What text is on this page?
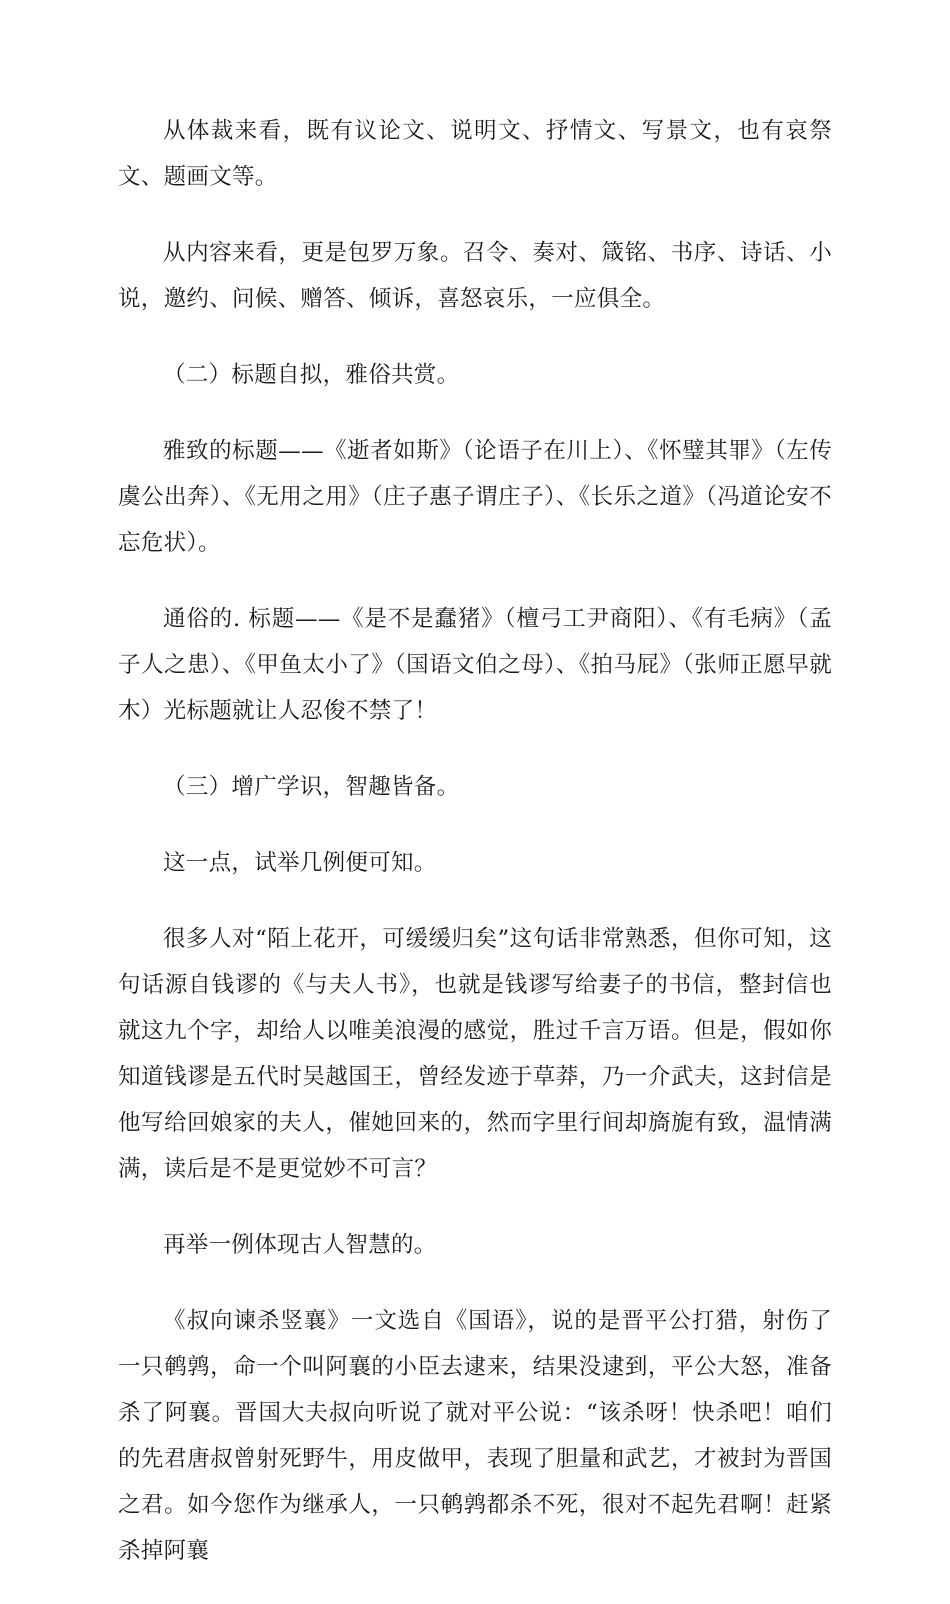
从体裁来看，既有议论文、说明文、抒情文、写景文，也有哀祭文、题画文等。

从内容来看，更是包罗万象。召令、奏对、箴铭、书序、诗话、小说，邀约、问候、赠答、倾诉，喜怒哀乐，一应俱全。

（二）标题自拟，雅俗共赏。

雅致的标题——《逝者如斯》（论语子在川上）、《怀璧其罪》（左传虞公出奔）、《无用之用》（庄子惠子谓庄子）、《长乐之道》（冯道论安不忘危状）。

通俗的. 标题——《是不是蠢猪》（檀弓工尹商阳）、《有毛病》（孟子人之患）、《甲鱼太小了》（国语文伯之母）、《拍马屁》（张师正愿早就木）光标题就让人忍俊不禁了！

（三）增广学识，智趣皆备。

这一点，试举几例便可知。

很多人对“陌上花开，可缓缓归矣”这句话非常熟悉，但你可知，这句话源自钱谬的《与夫人书》，也就是钱谬写给妻子的书信，整封信也就这九个字，却给人以唯美浪漫的感觉，胜过千言万语。但是，假如你知道钱谬是五代时吴越国王，曾经发迹于草莽，乃一介武夫，这封信是他写给回娘家的夫人，催她回来的，然而字里行间却旖旎有致，温情满满，读后是不是更觉妙不可言？

再举一例体现古人智慧的。

《叔向谏杀竖襄》一文选自《国语》，说的是晋平公打猎，射伤了一只鹌鹑，命一个叫阿襄的小臣去逮来，结果没逮到，平公大怒，准备杀了阿襄。晋国大夫叔向听说了就对平公说：“该杀呀！快杀吧！咱们的先君唐叔曾射死野牛，用皮做甲，表现了胆量和武艺，才被封为晋国之君。如今您作为继承人，一只鹌鹑都杀不死，很对不起先君啊！赶紧杀掉阿襄
